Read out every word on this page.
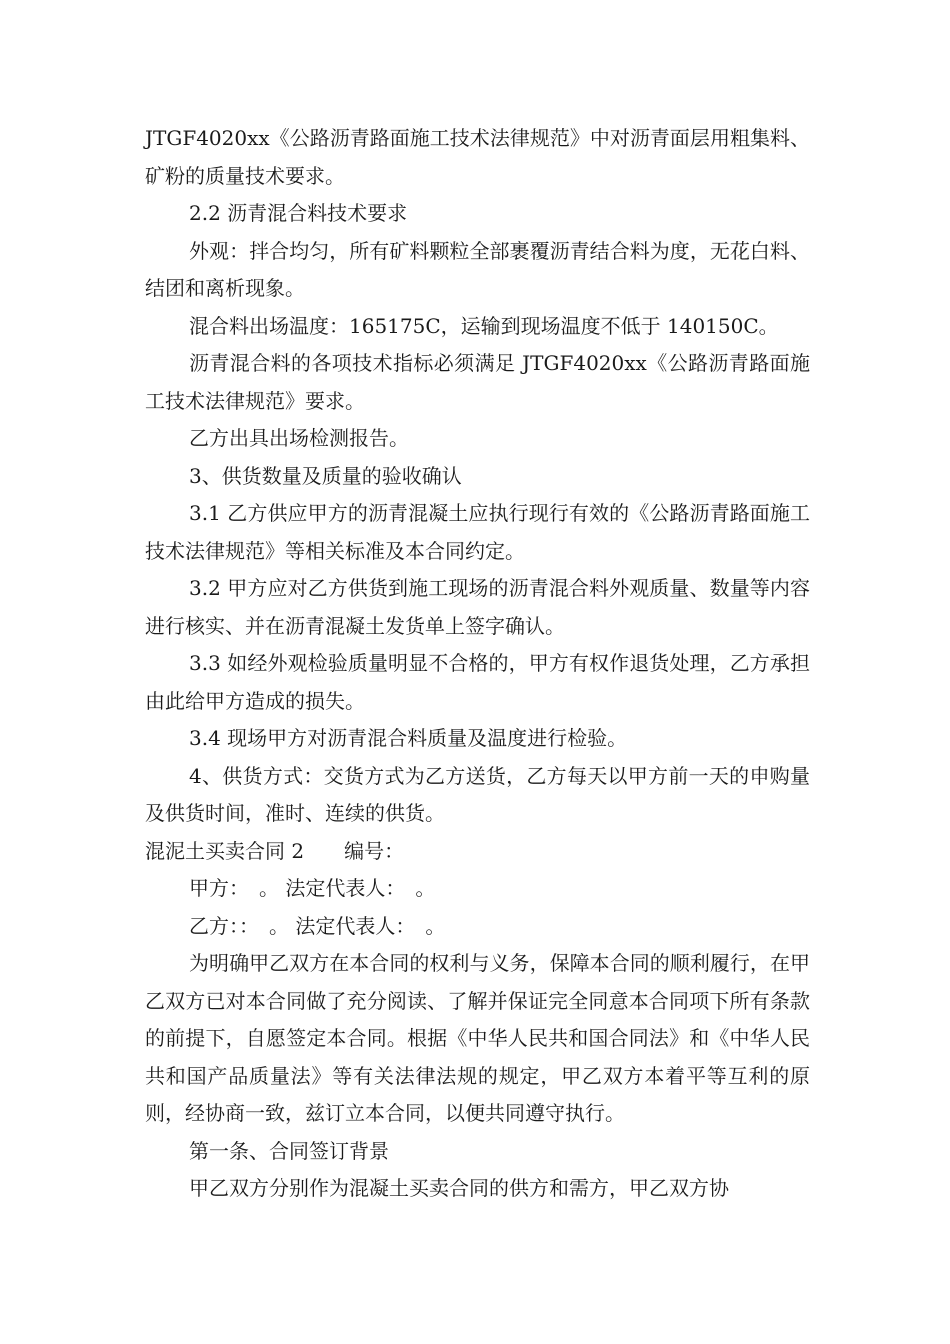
JTGF4020xx《公路沥青路面施工技术法律规范》中对沥青面层用粗集料、矿粉的质量技术要求。

2.2 沥青混合料技术要求

外观：拌合均匀，所有矿料颗粒全部裹覆沥青结合料为度，无花白料、结团和离析现象。

混合料出场温度：165175C，运输到现场温度不低于 140150C。

沥青混合料的各项技术指标必须满足 JTGF4020xx《公路沥青路面施工技术法律规范》要求。

乙方出具出场检测报告。

3、供货数量及质量的验收确认

3.1 乙方供应甲方的沥青混凝土应执行现行有效的《公路沥青路面施工技术法律规范》等相关标准及本合同约定。

3.2 甲方应对乙方供货到施工现场的沥青混合料外观质量、数量等内容进行核实、并在沥青混凝土发货单上签字确认。

3.3 如经外观检验质量明显不合格的，甲方有权作退货处理，乙方承担由此给甲方造成的损失。

3.4 现场甲方对沥青混合料质量及温度进行检验。

4、供货方式：交货方式为乙方送货，乙方每天以甲方前一天的申购量及供货时间，准时、连续的供货。

混泥土买卖合同 2　　编号：

甲方：　。 法定代表人：　。

乙方：：　。 法定代表人：　。

为明确甲乙双方在本合同的权利与义务，保障本合同的顺利履行，在甲乙双方已对本合同做了充分阅读、了解并保证完全同意本合同项下所有条款的前提下，自愿签定本合同。根据《中华人民共和国合同法》和《中华人民共和国产品质量法》等有关法律法规的规定，甲乙双方本着平等互利的原则，经协商一致，兹订立本合同，以便共同遵守执行。

第一条、合同签订背景

甲乙双方分别作为混凝土买卖合同的供方和需方，甲乙双方协
